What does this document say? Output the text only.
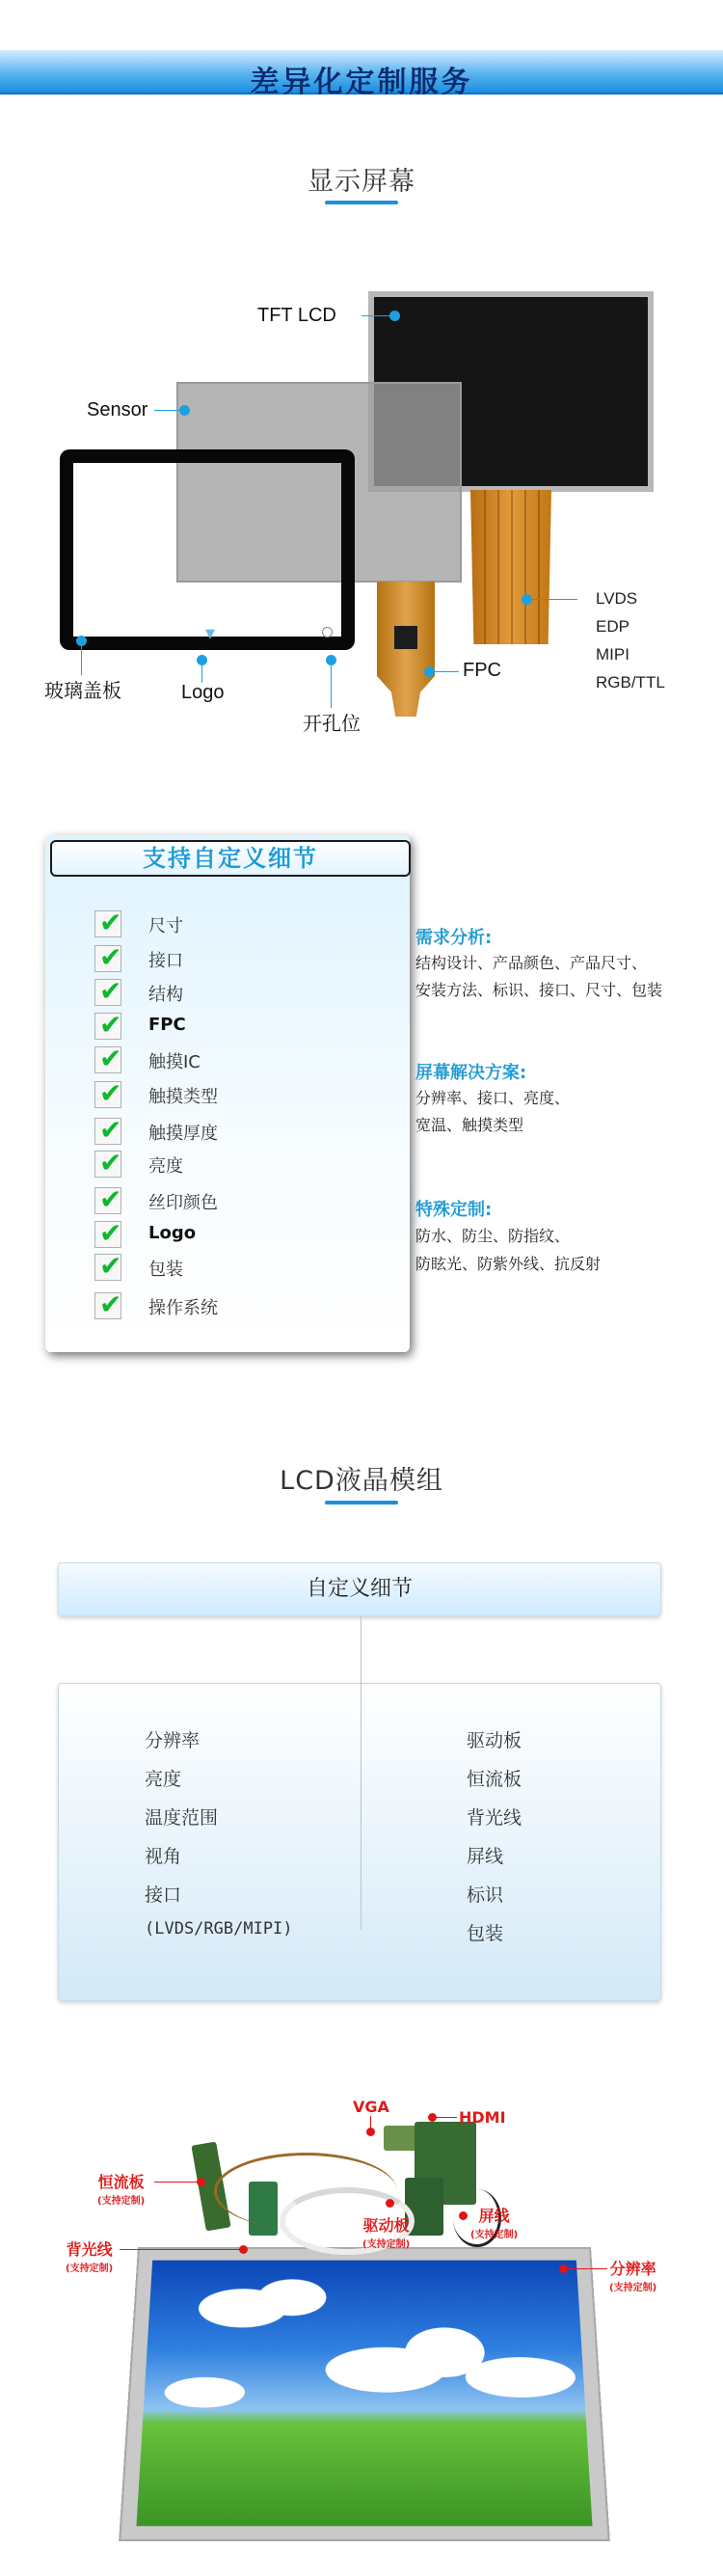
差异化定制服务
显示屏幕
▼
TFT LCD
Sensor
玻璃盖板	Logo
开孔位
FPC
LVDS
EDP
MIPI
RGB/TTL
支持自定义细节
✔ 尺寸
✔ 接口
✔ 结构
✔ FPC
✔ 触摸IC
✔ 触摸类型
✔ 触摸厚度
✔ 亮度
✔ 丝印颜色
✔ Logo
✔ 包装
✔ 操作系统
需求分析:
结构设计、产品颜色、产品尺寸、
安装方法、标识、接口、尺寸、包装
屏幕解决方案:
分辨率、接口、亮度、
宽温、触摸类型
特殊定制:
防水、防尘、防指纹、
防眩光、防紫外线、抗反射
LCD液晶模组
自定义细节
分辨率
亮度
温度范围
视角
接口
(LVDS/RGB/MIPI)
驱动板
恒流板
背光线
屏线
标识
包装
VGA
HDMI
恒流板
(支持定制)
驱动板
(支持定制)
屏线
(支持定制)
背光线
(支持定制)	分辨率
(支持定制)
